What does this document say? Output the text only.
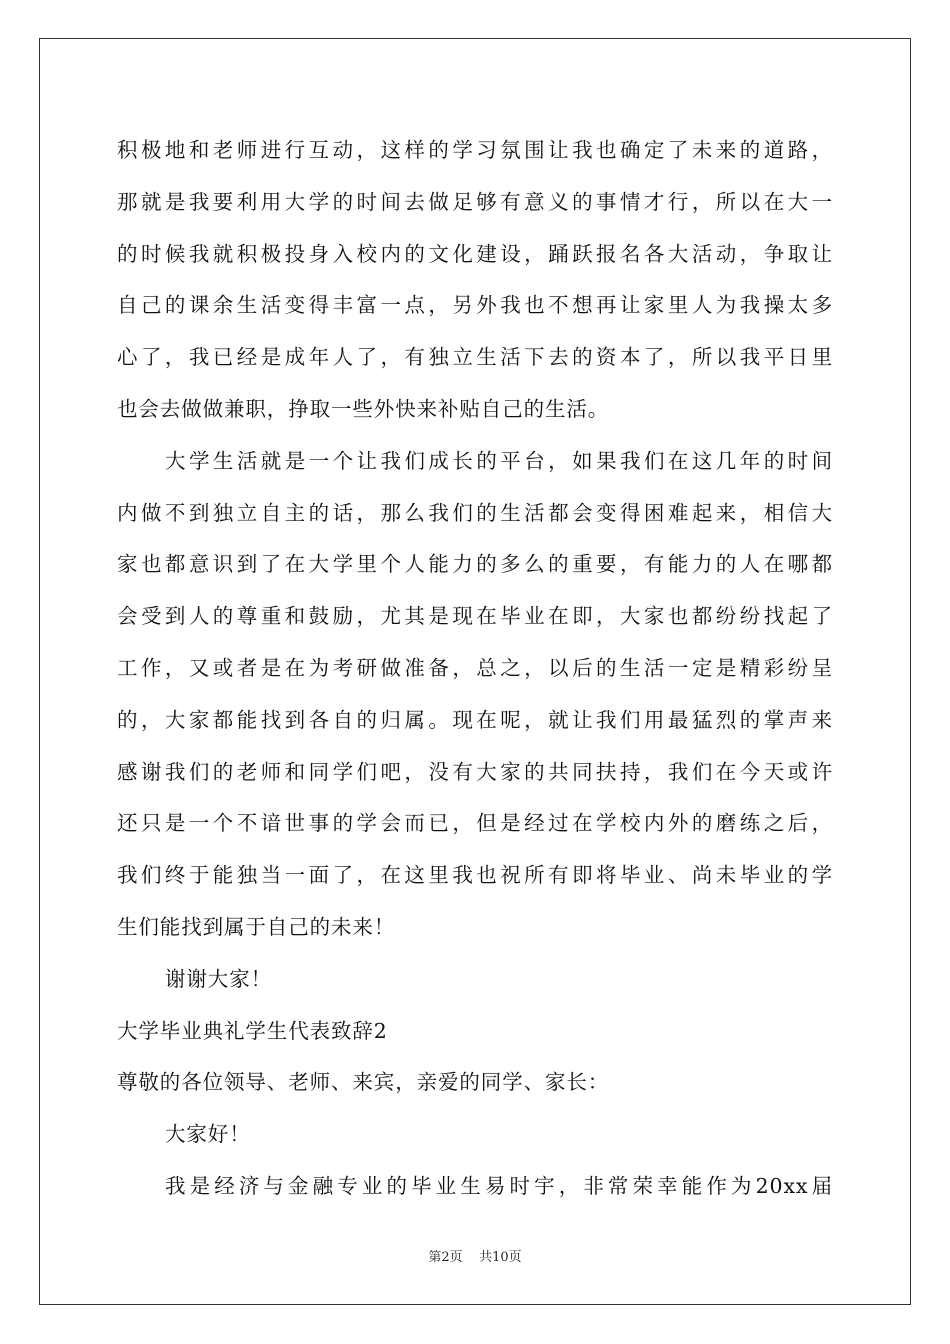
积极地和老师进行互动，这样的学习氛围让我也确定了未来的道路，
那就是我要利用大学的时间去做足够有意义的事情才行，所以在大一
的时候我就积极投身入校内的文化建设，踊跃报名各大活动，争取让
自己的课余生活变得丰富一点，另外我也不想再让家里人为我操太多
心了，我已经是成年人了，有独立生活下去的资本了，所以我平日里
也会去做做兼职，挣取一些外快来补贴自己的生活。
大学生活就是一个让我们成长的平台，如果我们在这几年的时间
内做不到独立自主的话，那么我们的生活都会变得困难起来，相信大
家也都意识到了在大学里个人能力的多么的重要，有能力的人在哪都
会受到人的尊重和鼓励，尤其是现在毕业在即，大家也都纷纷找起了
工作，又或者是在为考研做准备，总之，以后的生活一定是精彩纷呈
的，大家都能找到各自的归属。现在呢，就让我们用最猛烈的掌声来
感谢我们的老师和同学们吧，没有大家的共同扶持，我们在今天或许
还只是一个不谙世事的学会而已，但是经过在学校内外的磨练之后，
我们终于能独当一面了，在这里我也祝所有即将毕业、尚未毕业的学
生们能找到属于自己的未来！
谢谢大家！
大学毕业典礼学生代表致辞2
尊敬的各位领导、老师、来宾，亲爱的同学、家长：
大家好！
我是经济与金融专业的毕业生易时宇，非常荣幸能作为20xx届
第2页 共10页
